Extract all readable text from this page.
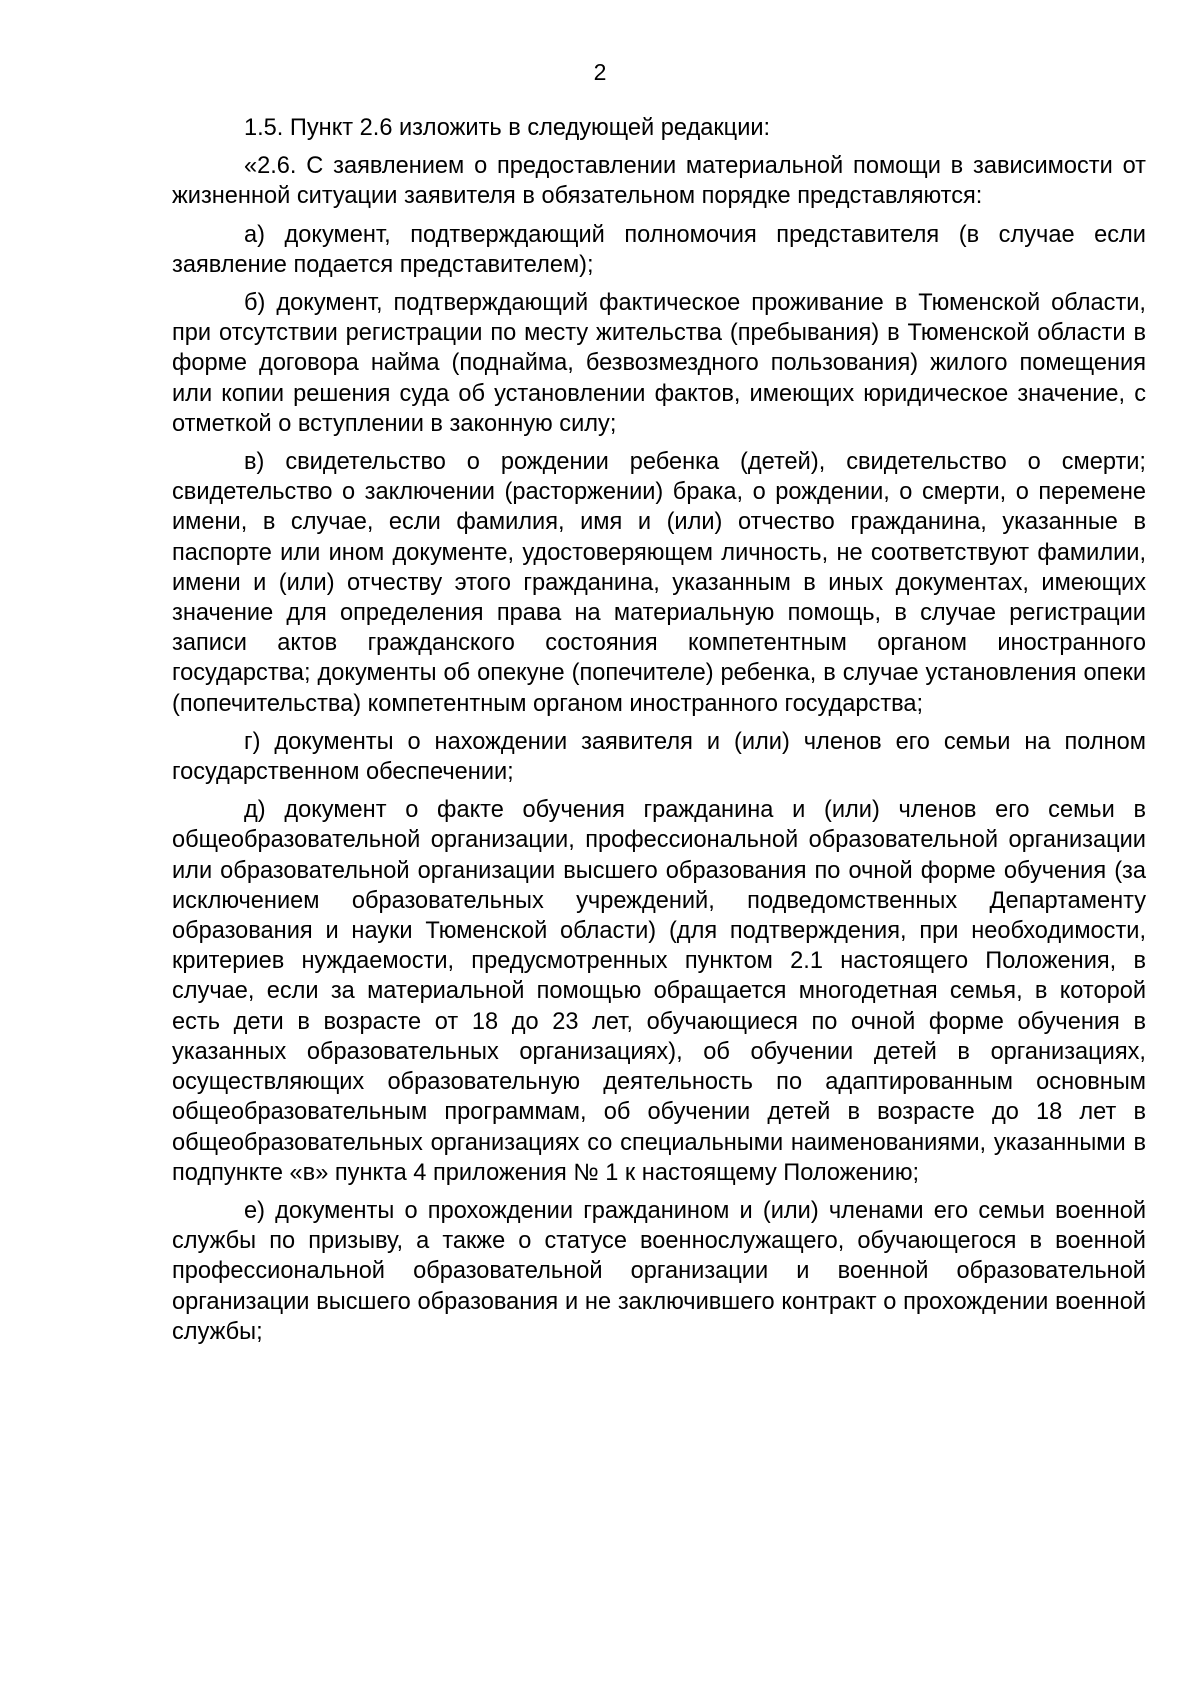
2

1.5. Пункт 2.6 изложить в следующей редакции:

«2.6. С заявлением о предоставлении материальной помощи в зависимости от жизненной ситуации заявителя в обязательном порядке представляются:

а) документ, подтверждающий полномочия представителя (в случае если заявление подается представителем);

б) документ, подтверждающий фактическое проживание в Тюменской области, при отсутствии регистрации по месту жительства (пребывания) в Тюменской области в форме договора найма (поднайма, безвозмездного пользования) жилого помещения или копии решения суда об установлении фактов, имеющих юридическое значение, с отметкой о вступлении в законную силу;

в) свидетельство о рождении ребенка (детей), свидетельство о смерти; свидетельство о заключении (расторжении) брака, о рождении, о смерти, о перемене имени, в случае, если фамилия, имя и (или) отчество гражданина, указанные в паспорте или ином документе, удостоверяющем личность, не соответствуют фамилии, имени и (или) отчеству этого гражданина, указанным в иных документах, имеющих значение для определения права на материальную помощь, в случае регистрации записи актов гражданского состояния компетентным органом иностранного государства; документы об опекуне (попечителе) ребенка, в случае установления опеки (попечительства) компетентным органом иностранного государства;

г) документы о нахождении заявителя и (или) членов его семьи на полном государственном обеспечении;

д) документ о факте обучения гражданина и (или) членов его семьи в общеобразовательной организации, профессиональной образовательной организации или образовательной организации высшего образования по очной форме обучения (за исключением образовательных учреждений, подведомственных Департаменту образования и науки Тюменской области) (для подтверждения, при необходимости, критериев нуждаемости, предусмотренных пунктом 2.1 настоящего Положения, в случае, если за материальной помощью обращается многодетная семья, в которой есть дети в возрасте от 18 до 23 лет, обучающиеся по очной форме обучения в указанных образовательных организациях), об обучении детей в организациях, осуществляющих образовательную деятельность по адаптированным основным общеобразовательным программам, об обучении детей в возрасте до 18 лет в общеобразовательных организациях со специальными наименованиями, указанными в подпункте «в» пункта 4 приложения № 1 к настоящему Положению;

е) документы о прохождении гражданином и (или) членами его семьи военной службы по призыву, а также о статусе военнослужащего, обучающегося в военной профессиональной образовательной организации и военной образовательной организации высшего образования и не заключившего контракт о прохождении военной службы;
